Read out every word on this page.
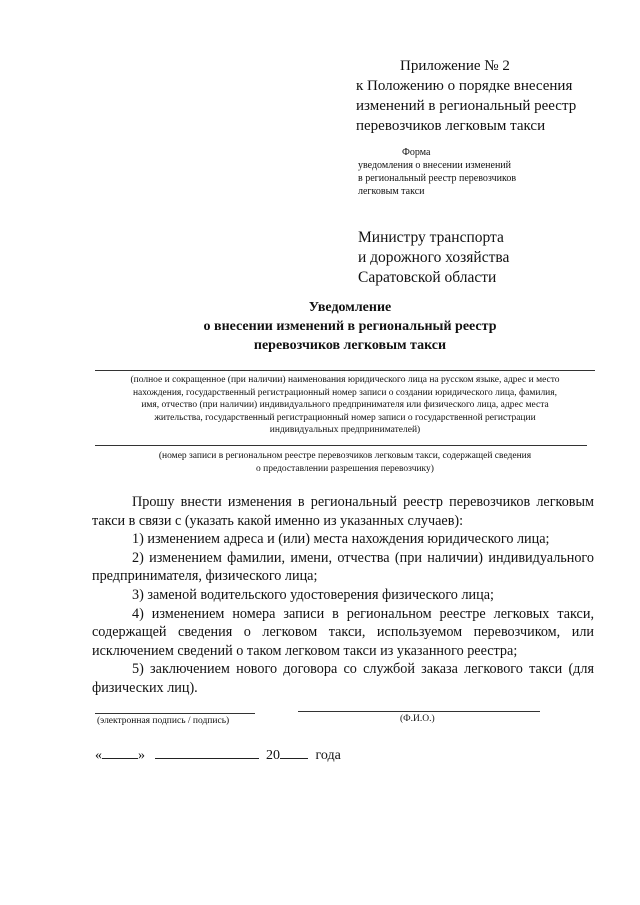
Приложение № 2
к Положению о порядке внесения
изменений в региональный реестр
перевозчиков легковым такси
Форма
уведомления о внесении изменений
в региональный реестр перевозчиков
легковым такси
Министру транспорта
и дорожного хозяйства
Саратовской области
Уведомление
о внесении изменений в региональный реестр
перевозчиков легковым такси
(полное и сокращенное (при наличии) наименования юридического лица на русском языке, адрес и место
нахождения, государственный регистрационный номер записи о создании юридического лица, фамилия,
имя, отчество (при наличии) индивидуального предпринимателя или физического лица, адрес места
жительства, государственный регистрационный номер записи о государственной регистрации
индивидуальных предпринимателей)
(номер записи в региональном реестре перевозчиков легковым такси, содержащей сведения
о предоставлении разрешения перевозчику)

Прошу внести изменения в региональный реестр перевозчиков легковым такси в связи с (указать какой именно из указанных случаев):

1) изменением адреса и (или) места нахождения юридического лица;

2) изменением фамилии, имени, отчества (при наличии) индивидуального предпринимателя, физического лица;

3) заменой водительского удостоверения физического лица;

4) изменением номера записи в региональном реестре легковых такси, содержащей сведения о легковом такси, используемом перевозчиком, или исключением сведений о таком легковом такси из указанного реестра;

5) заключением нового договора со службой заказа легкового такси (для физических лиц).

(электронная подпись / подпись)	(Ф.И.О.)
«	»	20	года
